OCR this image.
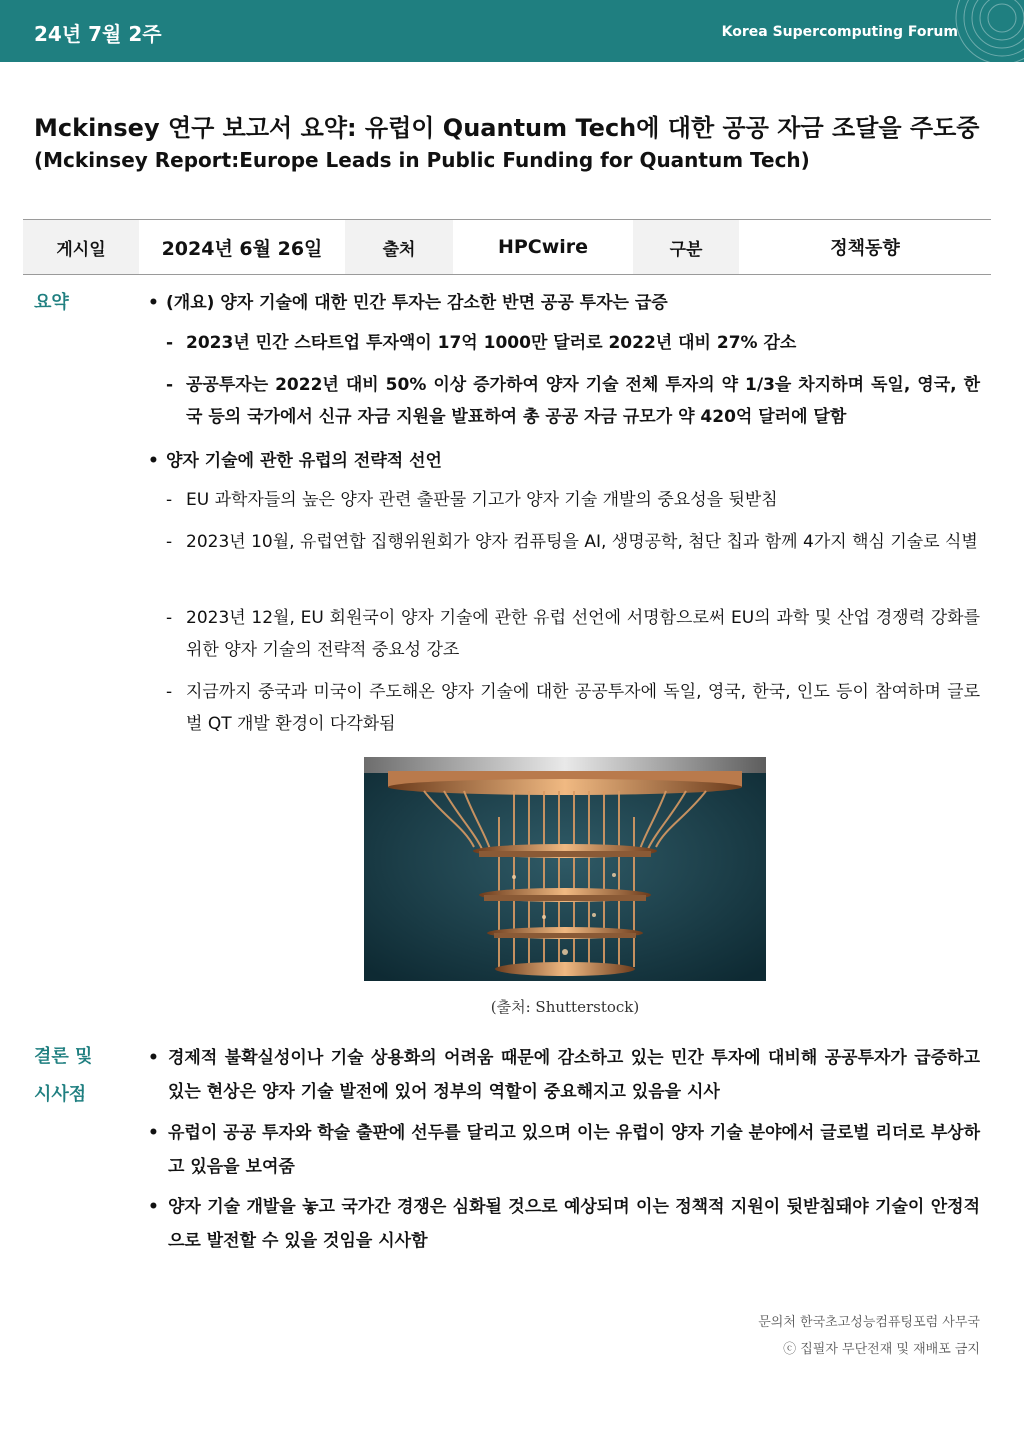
24년 7월 2주	Korea Supercomputing Forum
Mckinsey 연구 보고서 요약: 유럽이 Quantum Tech에 대한 공공 자금 조달을 주도중
(Mckinsey Report:Europe Leads in Public Funding for Quantum Tech)
게시일	2024년 6월 26일	출처	HPCwire	구분	정책동향
요약	• (개요) 양자 기술에 대한 민간 투자는 감소한 반면 공공 투자는 급증
- 2023년 민간 스타트업 투자액이 17억 1000만 달러로 2022년 대비 27% 감소
- 공공투자는 2022년 대비 50% 이상 증가하여 양자 기술 전체 투자의 약 1/3을 차지하며 독일, 영국, 한국 등의 국가에서 신규 자금 지원을 발표하여 총 공공 자금 규모가 약 420억 달러에 달함
• 양자 기술에 관한 유럽의 전략적 선언
- EU 과학자들의 높은 양자 관련 출판물 기고가 양자 기술 개발의 중요성을 뒷받침
- 2023년 10월, 유럽연합 집행위원회가 양자 컴퓨팅을 AI, 생명공학, 첨단 칩과 함께 4가지 핵심 기술로 식별
- 2023년 12월, EU 회원국이 양자 기술에 관한 유럽 선언에 서명함으로써 EU의 과학 및 산업 경쟁력 강화를 위한 양자 기술의 전략적 중요성 강조
- 지금까지 중국과 미국이 주도해온 양자 기술에 대한 공공투자에 독일, 영국, 한국, 인도 등이 참여하며 글로벌 QT 개발 환경이 다각화됨
(출처: Shutterstock)
결론 및 시사점
• 경제적 불확실성이나 기술 상용화의 어려움 때문에 감소하고 있는 민간 투자에 대비해 공공투자가 급증하고 있는 현상은 양자 기술 발전에 있어 정부의 역할이 중요해지고 있음을 시사
• 유럽이 공공 투자와 학술 출판에 선두를 달리고 있으며 이는 유럽이 양자 기술 분야에서 글로벌 리더로 부상하고 있음을 보여줌
• 양자 기술 개발을 놓고 국가간 경쟁은 심화될 것으로 예상되며 이는 정책적 지원이 뒷받침돼야 기술이 안정적으로 발전할 수 있을 것임을 시사함
문의처 한국초고성능컴퓨팅포럼 사무국
ⓒ 집필자 무단전재 및 재배포 금지
